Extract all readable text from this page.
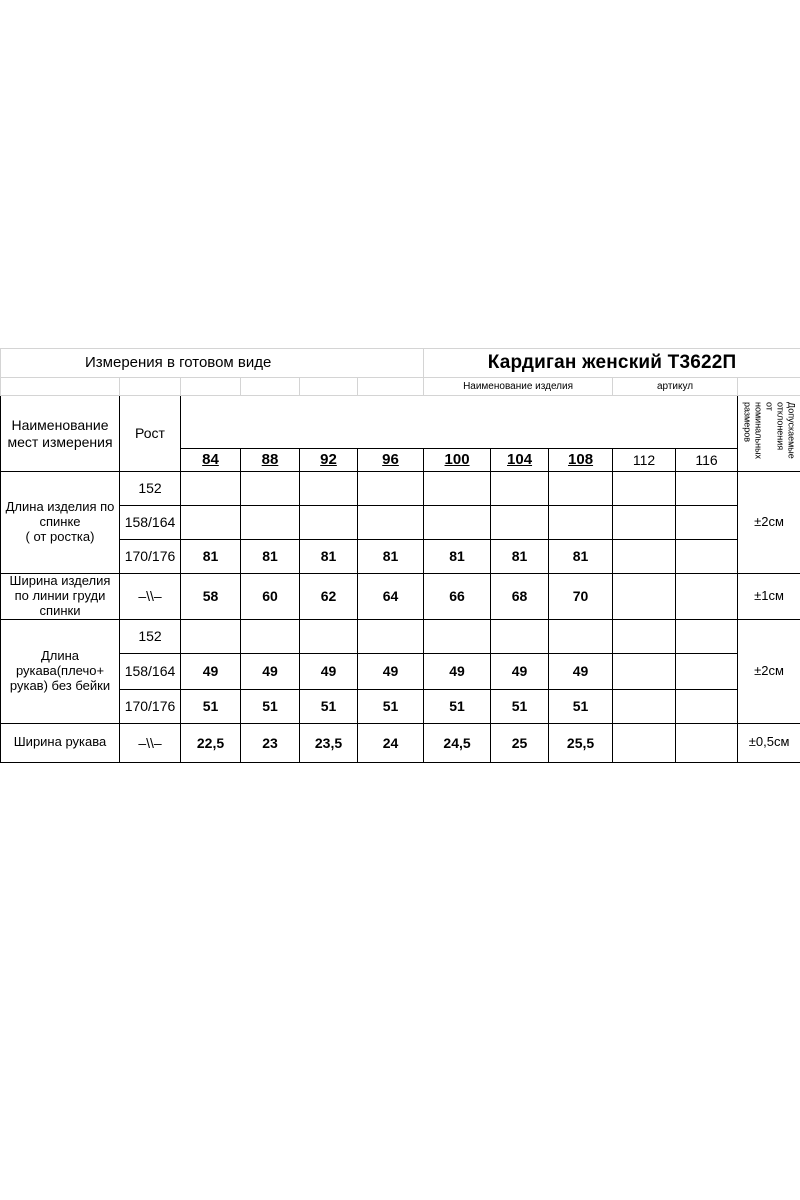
Измерения в готовом виде						Кардиган женский Т3622П					
						Наименование изделия			артикул		
Наименование мест измерения	Рост										Допускаемые отклонения от номинальных размеров
		84	88	92	96	100	104	108	112	116	
Длина изделия по спинке
( от ростка)	152										±2см
	158/164										
	170/176	81	81	81	81	81	81	81			
Ширина изделия по линии груди спинки	–\\–	58	60	62	64	66	68	70			±1см
Длина рукава(плечо+ рукав) без бейки	152										±2см
	158/164	49	49	49	49	49	49	49			
	170/176	51	51	51	51	51	51	51			
Ширина рукава	–\\–	22,5	23	23,5	24	24,5	25	25,5			±0,5см
